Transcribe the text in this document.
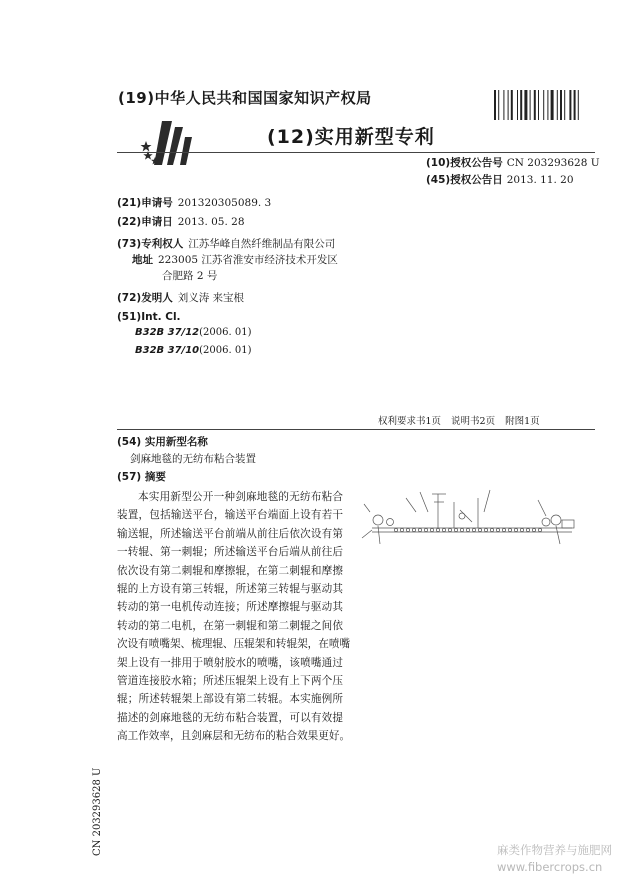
(19)中华人民共和国国家知识产权局
(12)实用新型专利
(10)授权公告号 CN 203293628 U
(45)授权公告日 2013. 11. 20
(21)申请号 201320305089. 3
(22)申请日 2013. 05. 28
(73)专利权人 江苏华峰自然纤维制品有限公司
地址 223005 江苏省淮安市经济技术开发区
合肥路 2 号
(72)发明人 刘义涛 来宝根
(51)Int. Cl.
B32B 37/12(2006. 01)
B32B 37/10(2006. 01)
权利要求书1页 说明书2页 附图1页
(54) 实用新型名称
剑麻地毯的无纺布粘合装置
(57) 摘要
本实用新型公开一种剑麻地毯的无纺布粘合
装置，包括输送平台，输送平台端面上设有若干
输送辊，所述输送平台前端从前往后依次设有第
一转辊、第一刺辊；所述输送平台后端从前往后
依次设有第二刺辊和摩擦辊，在第二刺辊和摩擦
辊的上方设有第三转辊，所述第三转辊与驱动其
转动的第一电机传动连接；所述摩擦辊与驱动其
转动的第二电机，在第一刺辊和第二刺辊之间依
次设有喷嘴架、梳理辊、压辊架和转辊架，在喷嘴
架上设有一排用于喷射胶水的喷嘴，该喷嘴通过
管道连接胶水箱；所述压辊架上设有上下两个压
辊；所述转辊架上部设有第二转辊。本实施例所
描述的剑麻地毯的无纺布粘合装置，可以有效提
高工作效率，且剑麻层和无纺布的粘合效果更好。
CN 203293628 U	麻类作物营养与施肥网
www.fibercrops.cn
